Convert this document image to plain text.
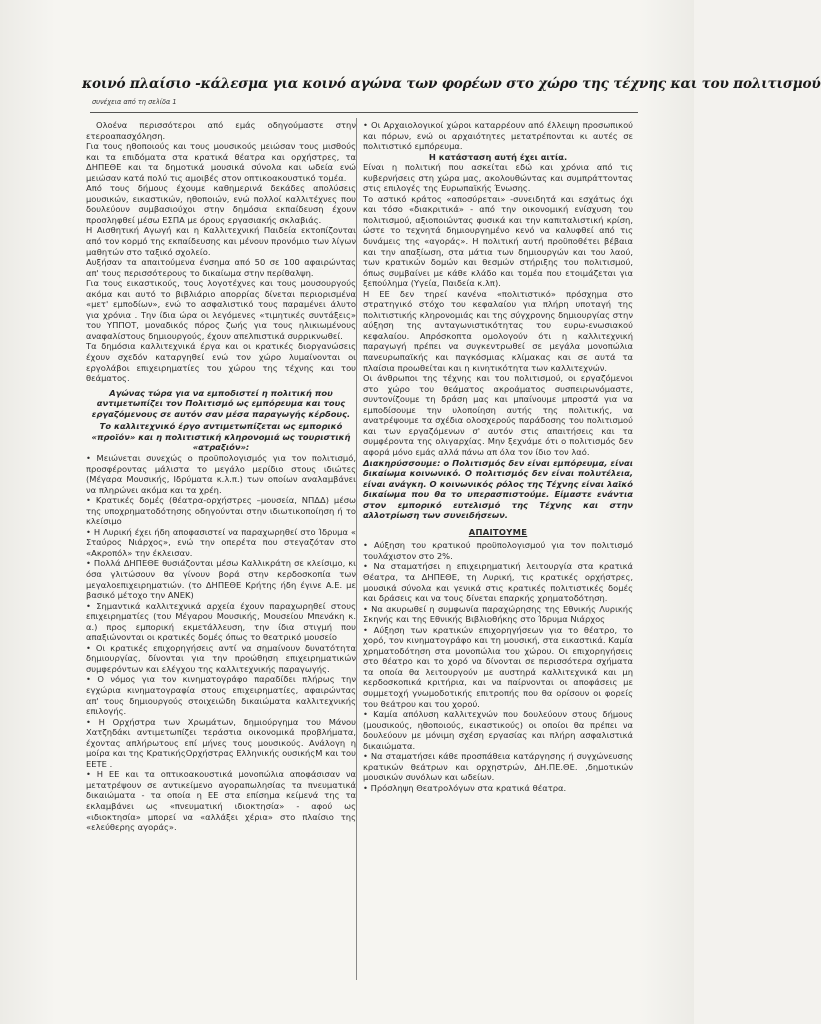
κοινό πλαίσιο -κάλεσμα για κοινό αγώνα των φορέων στο χώρο της τέχνης και του πολιτισμού
συνέχεια από τη σελίδα 1

Ολοένα περισσότεροι από εμάς οδηγούμαστε στην ετεροαπασχόληση.

Για τους ηθοποιούς και τους μουσικούς μειώσαν τους μισθούς και τα επιδόματα στα κρατικά θέατρα και ορχήστρες, τα ΔΗΠΕΘΕ και τα δημοτικά μουσικά σύνολα και ωδεία ενώ μειώσαν κατά πολύ τις αμοιβές στον οπτικοακουστικό τομέα.

Από τους δήμους έχουμε καθημερινά δεκάδες απολύσεις μουσικών, εικαστικών, ηθοποιών, ενώ πολλοί καλλιτέχνες που δουλεύουν συμβασιούχοι στην δημόσια εκπαίδευση έχουν προσληφθεί μέσω ΕΣΠΑ με όρους εργασιακής σκλαβιάς.

Η Αισθητική Αγωγή και η Καλλιτεχνική Παιδεία εκτοπίζονται από τον κορμό της εκπαίδευσης και μένουν προνόμιο των λίγων μαθητών στο ταξικό σχολείο.

Αυξήσαν τα απαιτούμενα ένσημα από 50 σε 100 αφαιρώντας απ' τους περισσότερους το δικαίωμα στην περίθαλψη.

Για τους εικαστικούς, τους λογοτέχνες και τους μουσουργούς ακόμα και αυτό το βιβλιάριο απορρίας δίνεται περιορισμένα «μετ' εμποδίων», ενώ το ασφαλιστικό τους παραμένει άλυτο για χρόνια . Την ίδια ώρα οι λεγόμενες «τιμητικές συντάξεις» του ΥΠΠΟΤ, μοναδικός πόρος ζωής για τους ηλικιωμένους αναφαλίστους δημιουργούς, έχουν απελπιστικά συρρικνωθεί.

Τα δημόσια καλλιτεχνικά έργα και οι κρατικές διοργανώσεις έχουν σχεδόν καταργηθεί ενώ τον χώρο λυμαίνονται οι εργολάβοι επιχειρηματίες του χώρου της τέχνης και του θεάματος.

Αγώνας τώρα για να εμποδιστεί η πολιτική που αντιμετωπίζει τον Πολιτισμό ως εμπόρευμα και τους εργαζόμενους σε αυτόν σαν μέσα παραγωγής κέρδους.

Το καλλιτεχνικό έργο αντιμετωπίζεται ως εμπορικό «προϊόν» και η πολιτιστική κληρονομιά ως τουριστική «ατραξιόν»:

• Μειώνεται συνεχώς ο προϋπολογισμός για τον πολιτισμό, προσφέροντας μάλιστα το μεγάλο μερίδιο στους ιδιώτες (Μέγαρα Μουσικής, Ιδρύματα κ.λ.π.) των οποίων αναλαμβάνει να πληρώνει ακόμα και τα χρέη.

• Κρατικές δομές (θέατρα-ορχήστρες –μουσεία, ΝΠΔΔ) μέσω της υποχρηματοδότησης οδηγούνται στην ιδιωτικοποίηση ή το κλείσιμο

• Η Λυρική έχει ήδη αποφασιστεί να παραχωρηθεί στο Ίδρυμα « Σταύρος Νιάρχος», ενώ την οπερέτα που στεγαζόταν στο «Ακροπόλ» την έκλεισαν.

• Πολλά ΔΗΠΕΘΕ θυσιάζονται μέσω Καλλικράτη σε κλείσιμο, κι όσα γλιτώσουν θα γίνουν βορά στην κερδοσκοπία των μεγαλοεπιχειρηματιών. (το ΔΗΠΕΘΕ Κρήτης ήδη έγινε Α.Ε. με βασικό μέτοχο την ΑΝΕΚ)

• Σημαντικά καλλιτεχνικά αρχεία έχουν παραχωρηθεί στους επιχειρηματίες (του Μέγαρου Μουσικής, Μουσείου Μπενάκη κ. α.) προς εμπορική εκμετάλλευση, την ίδια στιγμή που απαξιώνονται οι κρατικές δομές όπως το θεατρικό μουσείο

• Οι κρατικές επιχορηγήσεις αντί να σημαίνουν δυνατότητα δημιουργίας, δίνονται για την προώθηση επιχειρηματικών συμφερόντων και ελέγχου της καλλιτεχνικής παραγωγής.

• Ο νόμος για τον κινηματογράφο παραδίδει πλήρως την εγχώρια κινηματογραφία στους επιχειρηματίες, αφαιρώντας απ' τους δημιουργούς στοιχειώδη δικαιώματα καλλιτεχνικής επιλογής.

• Η Ορχήστρα των Χρωμάτων, δημιούργημα του Μάνου Χατζηδάκι αντιμετωπίζει τεράστια οικονομικά προβλήματα, έχοντας απλήρωτους επί μήνες τους μουσικούς. Ανάλογη η μοίρα και της ΚρατικήςΟρχήστρας Ελληνικής ουσικήςΜ και του ΕΕΤΕ .

• Η ΕΕ και τα οπτικοακουστικά μονοπώλια αποφάσισαν να μετατρέψουν σε αντικείμενο αγοραπωλησίας τα πνευματικά δικαιώματα - τα οποία η ΕΕ στα επίσημα κείμενά της τα εκλαμβάνει ως «πνευματική ιδιοκτησία» - αφού ως «ιδιοκτησία» μπορεί να «αλλάξει χέρια» στο πλαίσιο της «ελεύθερης αγοράς».

• Οι Αρχαιολογικοί χώροι καταρρέουν από έλλειψη προσωπικού και πόρων, ενώ οι αρχαιότητες μετατρέπονται κι αυτές σε πολιτιστικό εμπόρευμα.

Η κατάσταση αυτή έχει αιτία.

Είναι η πολιτική που ασκείται εδώ και χρόνια από τις κυβερνήσεις στη χώρα μας, ακολουθώντας και συμπράττοντας στις επιλογές της Ευρωπαϊκής Ένωσης.

Το αστικό κράτος «αποσύρεται» -συνειδητά και εσχάτως όχι και τόσο «διακριτικά» - από την οικονομική ενίσχυση του πολιτισμού, αξιοποιώντας φυσικά και την καπιταλιστική κρίση, ώστε το τεχνητά δημιουργημένο κενό να καλυφθεί από τις δυνάμεις της «αγοράς». Η πολιτική αυτή προϋποθέτει βέβαια και την απαξίωση, στα μάτια των δημιουργών και του λαού, των κρατικών δομών και θεσμών στήριξης του πολιτισμού, όπως συμβαίνει με κάθε κλάδο και τομέα που ετοιμάζεται για ξεπούλημα (Υγεία, Παιδεία κ.λπ).

Η ΕΕ δεν τηρεί κανένα «πολιτιστικό» πρόσχημα στο στρατηγικό στόχο του κεφαλαίου για πλήρη υποταγή της πολιτιστικής κληρονομιάς και της σύγχρονης δημιουργίας στην αύξηση της ανταγωνιστικότητας του ευρω-ενωσιακού κεφαλαίου. Απρόσκοπτα ομολογούν ότι η καλλιτεχνική παραγωγή πρέπει να συγκεντρωθεί σε μεγάλα μονοπώλια πανευρωπαϊκής και παγκόσμιας κλίμακας και σε αυτά τα πλαίσια προωθείται και η κινητικότητα των καλλιτεχνών.

Οι άνθρωποι της τέχνης και του πολιτισμού, οι εργαζόμενοι στο χώρο του θεάματος ακροάματος συσπειρωνόμαστε, συντονίζουμε τη δράση μας και μπαίνουμε μπροστά για να εμποδίσουμε την υλοποίηση αυτής της πολιτικής, να ανατρέψουμε τα σχέδια ολοσχερούς παράδοσης του πολιτισμού και των εργαζόμενων σ' αυτόν στις απαιτήσεις και τα συμφέροντα της ολιγαρχίας. Μην ξεχνάμε ότι ο πολιτισμός δεν αφορά μόνο εμάς αλλά πάνω απ όλα τον ίδιο τον λαό.

Διακηρύσσουμε: ο Πολιτισμός δεν είναι εμπόρευμα, είναι δικαίωμα κοινωνικό. Ο πολιτισμός δεν είναι πολυτέλεια, είναι ανάγκη. Ο κοινωνικός ρόλος της Τέχνης είναι λαϊκό δικαίωμα που θα το υπερασπιστούμε. Είμαστε ενάντια στον εμπορικό ευτελισμό της Τέχνης και στην αλλοτρίωση των συνειδήσεων.

ΑΠΑΙΤΟΥΜΕ

• Αύξηση του κρατικού προϋπολογισμού για τον πολιτισμό τουλάχιστον στο 2%.

• Να σταματήσει η επιχειρηματική λειτουργία στα κρατικά Θέατρα, τα ΔΗΠΕΘΕ, τη Λυρική, τις κρατικές ορχήστρες, μουσικά σύνολα και γενικά στις κρατικές πολιτιστικές δομές και δράσεις και να τους δίνεται επαρκής χρηματοδότηση.

• Να ακυρωθεί η συμφωνία παραχώρησης της Εθνικής Λυρικής Σκηνής και της Εθνικής Βιβλιοθήκης στο Ίδρυμα Νιάρχος

• Αύξηση των κρατικών επιχορηγήσεων για το θέατρο, το χορό, τον κινηματογράφο και τη μουσική, στα εικαστικά. Καμία χρηματοδότηση στα μονοπώλια του χώρου. Οι επιχορηγήσεις στο θέατρο και το χορό να δίνονται σε περισσότερα σχήματα τα οποία θα λειτουργούν με αυστηρά καλλιτεχνικά και μη κερδοσκοπικά κριτήρια, και να παίρνονται οι αποφάσεις με συμμετοχή γνωμοδοτικής επιτροπής που θα ορίσουν οι φορείς του θεάτρου και του χορού.

• Καμία απόλυση καλλιτεχνών που δουλεύουν στους δήμους (μουσικούς, ηθοποιούς, εικαστικούς) οι οποίοι θα πρέπει να δουλεύουν με μόνιμη σχέση εργασίας και πλήρη ασφαλιστικά δικαιώματα.

• Να σταματήσει κάθε προσπάθεια κατάργησης ή συγχώνευσης κρατικών θεάτρων και ορχηστρών, ΔΗ.ΠΕ.ΘΕ. ,δημοτικών μουσικών συνόλων και ωδείων.

• Πρόσληψη Θεατρολόγων στα κρατικά θέατρα.
